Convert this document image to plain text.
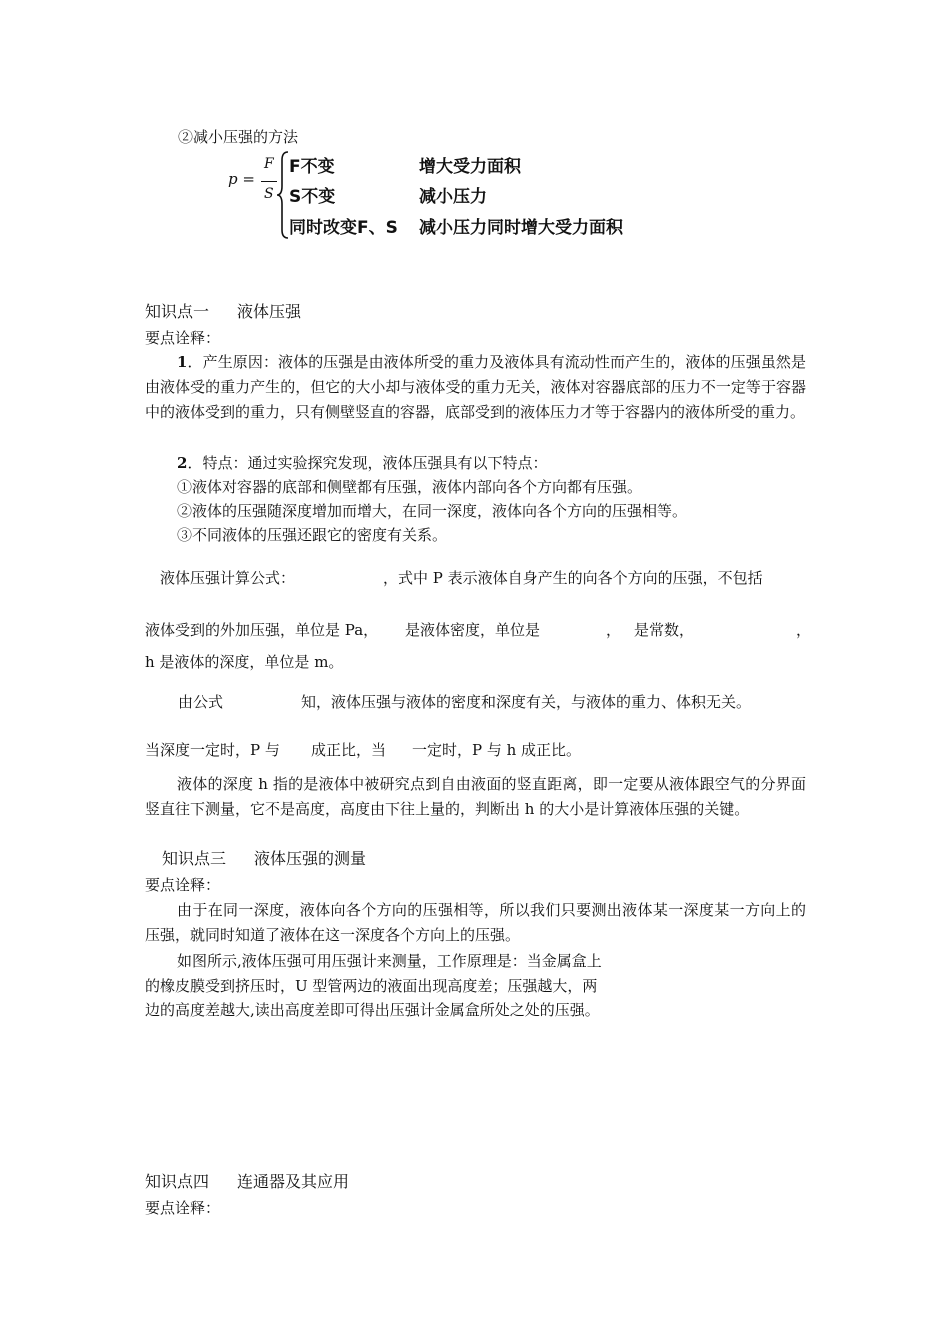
②减小压强的方法

p =
F
S
F不变	增大受力面积
S不变	减小压力
同时改变F、S 减小压力同时增大受力面积

知识点一 液体压强

要点诠释：

1．产生原因：液体的压强是由液体所受的重力及液体具有流动性而产生的，液体的压强虽然是由液体受的重力产生的，但它的大小却与液体受的重力无关，液体对容器底部的压力不一定等于容器中的液体受到的重力，只有侧壁竖直的容器，底部受到的液体压力才等于容器内的液体所受的重力。

2．特点：通过实验探究发现，液体压强具有以下特点：

①液体对容器的底部和侧壁都有压强，液体内部向各个方向都有压强。

②液体的压强随深度增加而增大，在同一深度，液体向各个方向的压强相等。

③不同液体的压强还跟它的密度有关系。

液体压强计算公式：	，式中 P 表示液体自身产生的向各个方向的压强，不包括

液体受到的外加压强，单位是 Pa， 是液体密度，单位是	， 是常数，	，

h 是液体的深度，单位是 m。

由公式	知，液体压强与液体的密度和深度有关，与液体的重力、体积无关。

当深度一定时，P 与 成正比，当 一定时，P 与 h 成正比。

液体的深度 h 指的是液体中被研究点到自由液面的竖直距离，即一定要从液体跟空气的分界面竖直往下测量，它不是高度，高度由下往上量的，判断出 h 的大小是计算液体压强的关键。

知识点三 液体压强的测量

要点诠释：

由于在同一深度，液体向各个方向的压强相等，所以我们只要测出液体某一深度某一方向上的压强，就同时知道了液体在这一深度各个方向上的压强。

如图所示,液体压强可用压强计来测量，工作原理是：当金属盒上

的橡皮膜受到挤压时，U 型管两边的液面出现高度差；压强越大，两

边的高度差越大,读出高度差即可得出压强计金属盒所处之处的压强。

知识点四 连通器及其应用

要点诠释：
